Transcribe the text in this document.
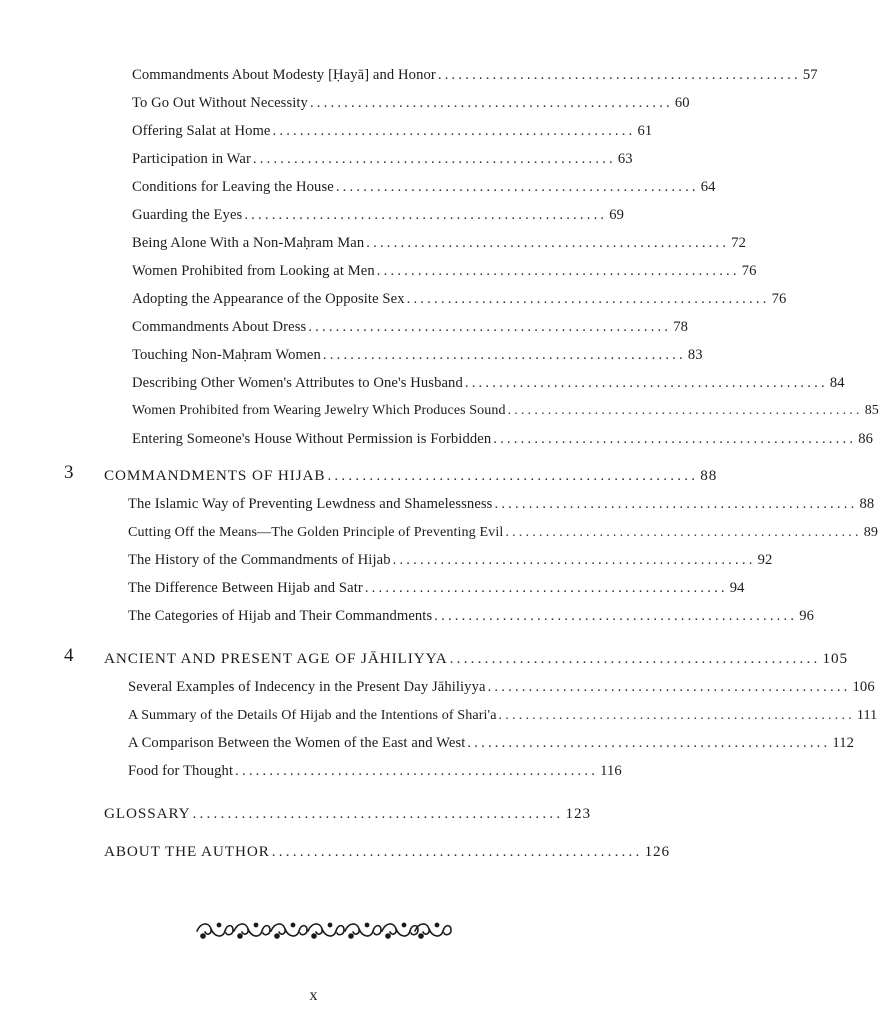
Commandments About Modesty [Ḥayā] and Honor ..................................................... 57
To Go Out Without Necessity ..................................................... 60
Offering Salat at Home ..................................................... 61
Participation in War ..................................................... 63
Conditions for Leaving the House ..................................................... 64
Guarding the Eyes ..................................................... 69
Being Alone With a Non-Maḥram Man ..................................................... 72
Women Prohibited from Looking at Men ..................................................... 76
Adopting the Appearance of the Opposite Sex ..................................................... 76
Commandments About Dress ..................................................... 78
Touching Non-Maḥram Women ..................................................... 83
Describing Other Women's Attributes to One's Husband ..................................................... 84
Women Prohibited from Wearing Jewelry Which Produces Sound ..................................................... 85
Entering Someone's House Without Permission is Forbidden ..................................................... 86
3 COMMANDMENTS OF HIJAB ..................................................... 88
The Islamic Way of Preventing Lewdness and Shamelessness ..................................................... 88
Cutting Off the Means—The Golden Principle of Preventing Evil ..................................................... 89
The History of the Commandments of Hijab ..................................................... 92
The Difference Between Hijab and Satr ..................................................... 94
The Categories of Hijab and Their Commandments ..................................................... 96
4 ANCIENT AND PRESENT AGE OF JĀHILIYYA ..................................................... 105
Several Examples of Indecency in the Present Day Jāhiliyya ..................................................... 106
A Summary of the Details Of Hijab and the Intentions of Shari'a ..................................................... 111
A Comparison Between the Women of the East and West ..................................................... 112
Food for Thought ..................................................... 116
GLOSSARY ..................................................... 123
ABOUT THE AUTHOR ..................................................... 126
x
